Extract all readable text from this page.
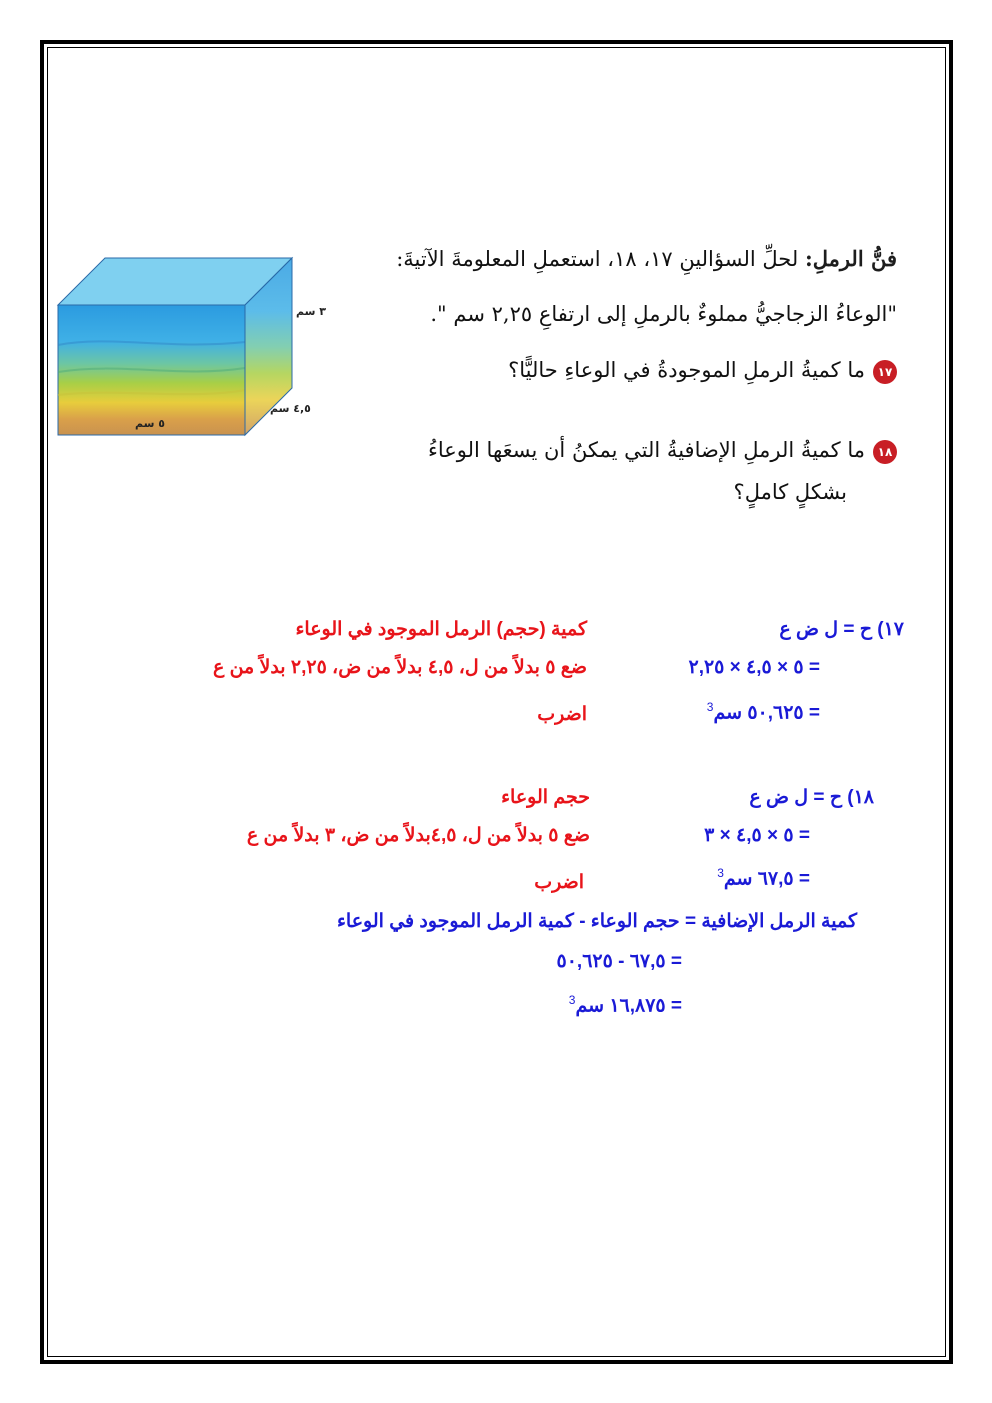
٣ سم
٤,٥ سم
٥ سم
فنُّ الرملِ: لحلِّ السؤالينِ ١٧، ١٨، استعملِ المعلومةَ الآتيةَ:
"الوعاءُ الزجاجيُّ مملوءٌ بالرملِ إلى ارتفاعِ ٢,٢٥ سم ".
١٧ما كميةُ الرملِ الموجودةُ في الوعاءِ حاليًّا؟
١٨ما كميةُ الرملِ الإضافيةُ التي يمكنُ أن يسعَها الوعاءُ
بشكلٍ كاملٍ؟
١٧) ح = ل ض ع
كمية (حجم) الرمل الموجود في الوعاء
= ٥ × ٤,٥ × ٢,٢٥
ضع ٥ بدلاً من ل، ٤,٥ بدلاً من ض، ٢,٢٥ بدلاً من ع
= ٥٠,٦٢٥ سم$^3$
اضرب
١٨) ح = ل ض ع
حجم الوعاء
= ٥ × ٤,٥ × ٣
ضع ٥ بدلاً من ل، ٤,٥بدلاً من ض، ٣ بدلاً من ع
= ٦٧,٥ سم$^3$
اضرب
كمية الرمل الإضافية = حجم الوعاء - كمية الرمل الموجود في الوعاء
= ٦٧,٥ - ٥٠,٦٢٥
= ١٦,٨٧٥ سم$^3$
